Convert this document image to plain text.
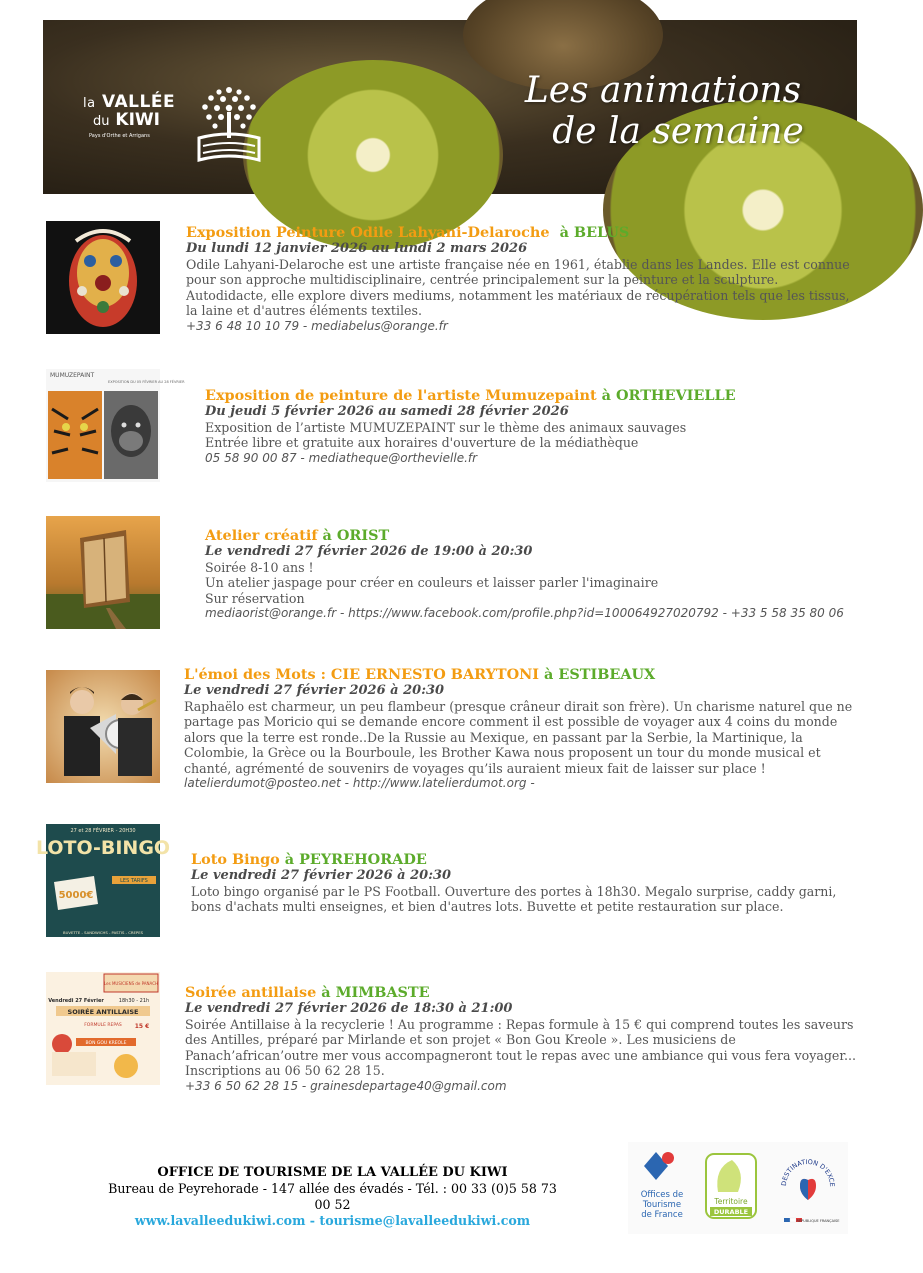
la VALLÉE
du KIWI
Pays d'Orthe et Arrigans
Les animations
de la semaine
Exposition Peinture Odile Lahyani-Delaroche à BELUS
Du lundi 12 janvier 2026 au lundi 2 mars 2026
Odile Lahyani-Delaroche est une artiste française née en 1961, établie dans les Landes. Elle est connue pour son approche multidisciplinaire, centrée principalement sur la peinture et la sculpture. Autodidacte, elle explore divers mediums, notamment les matériaux de récupération tels que les tissus, la laine et d'autres éléments textiles.
+33 6 48 10 10 79 - mediabelus@orange.fr
MUMUZEPAINT
EXPOSITION DU 05 FÉVRIER AU 28 FÉVRIER
Exposition de peinture de l'artiste Mumuzepaint à ORTHEVIELLE
Du jeudi 5 février 2026 au samedi 28 février 2026
Exposition de l’artiste MUMUZEPAINT sur le thème des animaux sauvages
Entrée libre et gratuite aux horaires d'ouverture de la médiathèque
05 58 90 00 87 - mediatheque@orthevielle.fr
Atelier créatif à ORIST
Le vendredi 27 février 2026 de 19:00 à 20:30
Soirée 8-10 ans !
Un atelier jaspage pour créer en couleurs et laisser parler l'imaginaire
Sur réservation
mediaorist@orange.fr - https://www.facebook.com/profile.php?id=100064927020792 - +33 5 58 35 80 06
L'émoi des Mots : CIE ERNESTO BARYTONI à ESTIBEAUX
Le vendredi 27 février 2026 à 20:30
Raphaëlo est charmeur, un peu flambeur (presque crâneur dirait son frère). Un charisme naturel que ne partage pas Moricio qui se demande encore comment il est possible de voyager aux 4 coins du monde alors que la terre est ronde..De la Russie au Mexique, en passant par la Serbie, la Martinique, la Colombie, la Grèce ou la Bourboule, les Brother Kawa nous proposent un tour du monde musical et chanté, agrémenté de souvenirs de voyages qu’ils auraient mieux fait de laisser sur place !
latelierdumot@posteo.net - http://www.latelierdumot.org -
27 et 28 FÉVRIER - 20H30
LOTO-BINGO
LES TARIFS
5000€
BUVETTE - SANDWICHS - PASTIS - CREPES
Loto Bingo à PEYREHORADE
Le vendredi 27 février 2026 à 20:30
Loto bingo organisé par le PS Football. Ouverture des portes à 18h30. Megalo surprise, caddy garni, bons d'achats multi enseignes, et bien d'autres lots. Buvette et petite restauration sur place.
Les MUSICIENS de PANACH
Vendredi 27 Février	18h30 - 21h
SOIRÉE ANTILLAISE
FORMULE REPAS 15 €
BON GOU KREOLE
Soirée antillaise à MIMBASTE
Le vendredi 27 février 2026 de 18:30 à 21:00
Soirée Antillaise à la recyclerie ! Au programme : Repas formule à 15 € qui comprend toutes les saveurs des Antilles, préparé par Mirlande et son projet « Bon Gou Kreole ». Les musiciens de Panach’african’outre mer vous accompagneront tout le repas avec une ambiance qui vous fera voyager... Inscriptions au 06 50 62 28 15.
+33 6 50 62 28 15 - grainesdepartage40@gmail.com
OFFICE DE TOURISME DE LA VALLÉE DU KIWI
Bureau de Peyrehorade - 147 allée des évadés - Tél. : 00 33 (0)5 58 73 00 52
www.lavalleedukiwi.com - tourisme@lavalleedukiwi.com
Offices de
Tourisme
de France
Territoire
DURABLE
DESTINATION D'EXCE
RÉPUBLIQUE FRANÇAISE
